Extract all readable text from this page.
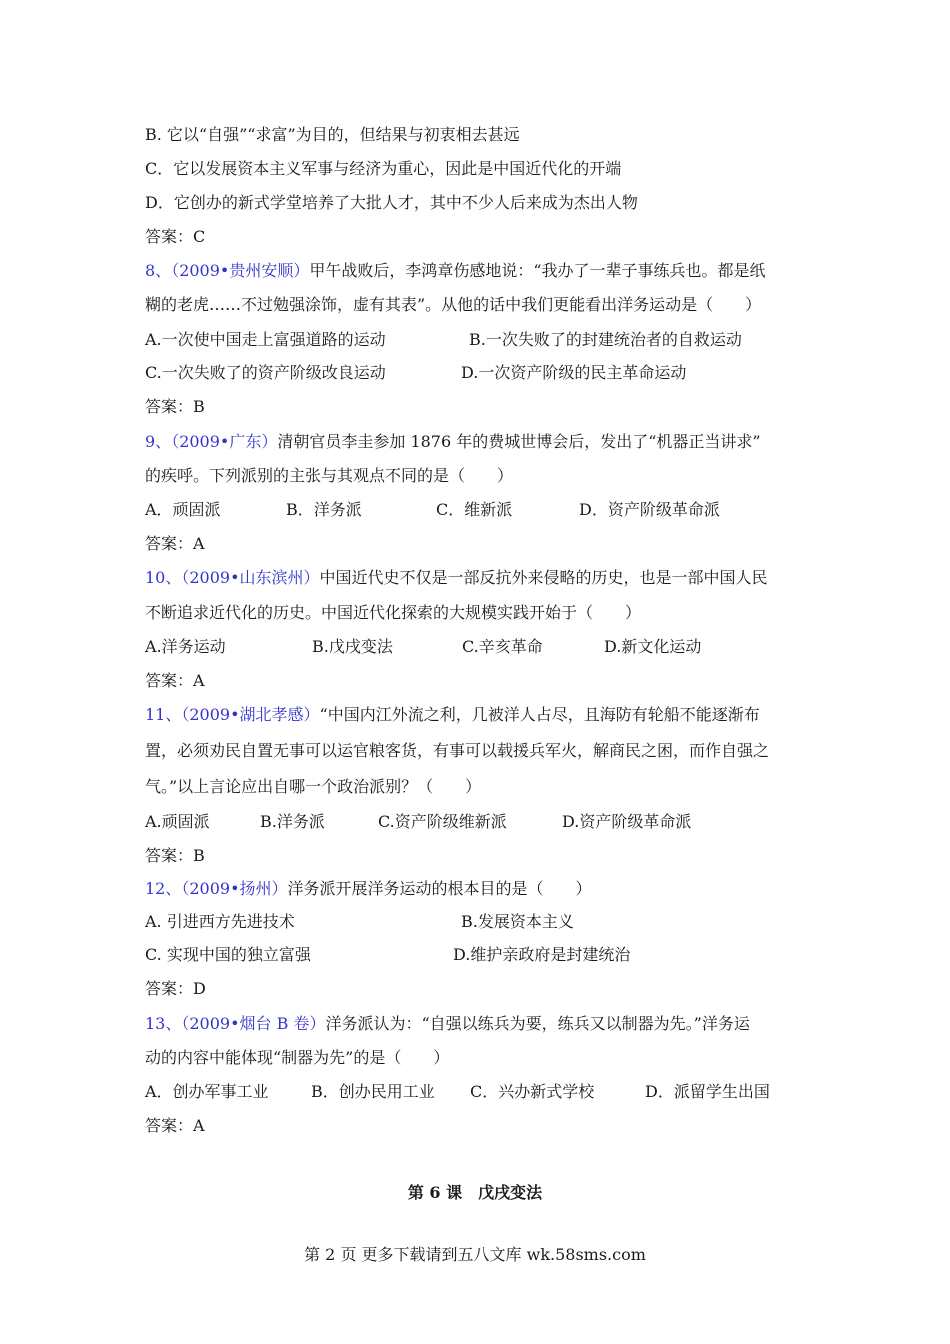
B. 它以“自强”“求富”为目的，但结果与初衷相去甚远
C．它以发展资本主义军事与经济为重心，因此是中国近代化的开端
D．它创办的新式学堂培养了大批人才，其中不少人后来成为杰出人物
答案：C
8、（2009•贵州安顺）甲午战败后，李鸿章伤感地说：“我办了一辈子事练兵也。都是纸
糊的老虎……不过勉强涂饰，虚有其表”。从他的话中我们更能看出洋务运动是（　　）
A.一次使中国走上富强道路的运动	B.一次失败了的封建统治者的自救运动
C.一次失败了的资产阶级改良运动	D.一次资产阶级的民主革命运动
答案：B
9、（2009•广东）清朝官员李圭参加 1876 年的费城世博会后，发出了“机器正当讲求”
的疾呼。下列派别的主张与其观点不同的是（　　）
A．顽固派	B．洋务派	C．维新派	D．资产阶级革命派
答案：A
10、（2009•山东滨州）中国近代史不仅是一部反抗外来侵略的历史，也是一部中国人民
不断追求近代化的历史。中国近代化探索的大规模实践开始于（　　）
A.洋务运动	B.戊戌变法	C.辛亥革命	D.新文化运动
答案：A
11、（2009•湖北孝感）“中国内江外流之利，几被洋人占尽，且海防有轮船不能逐渐布
置，必须劝民自置无事可以运官粮客货，有事可以载援兵军火，解商民之困，而作自强之
气。”以上言论应出自哪一个政治派别？（　　）
A.顽固派	B.洋务派	C.资产阶级维新派	D.资产阶级革命派
答案：B
12、（2009•扬州）洋务派开展洋务运动的根本目的是（　　）
A. 引进西方先进技术	B.发展资本主义
C. 实现中国的独立富强	D.维护亲政府是封建统治
答案：D
13、（2009•烟台 B 卷）洋务派认为：“自强以练兵为要，练兵又以制器为先。”洋务运
动的内容中能体现“制器为先”的是（　　）
A．创办军事工业	B．创办民用工业 C．兴办新式学校	D．派留学生出国
答案：A
第 6 课　戊戌变法
第 2 页 更多下载请到五八文库 wk.58sms.com
